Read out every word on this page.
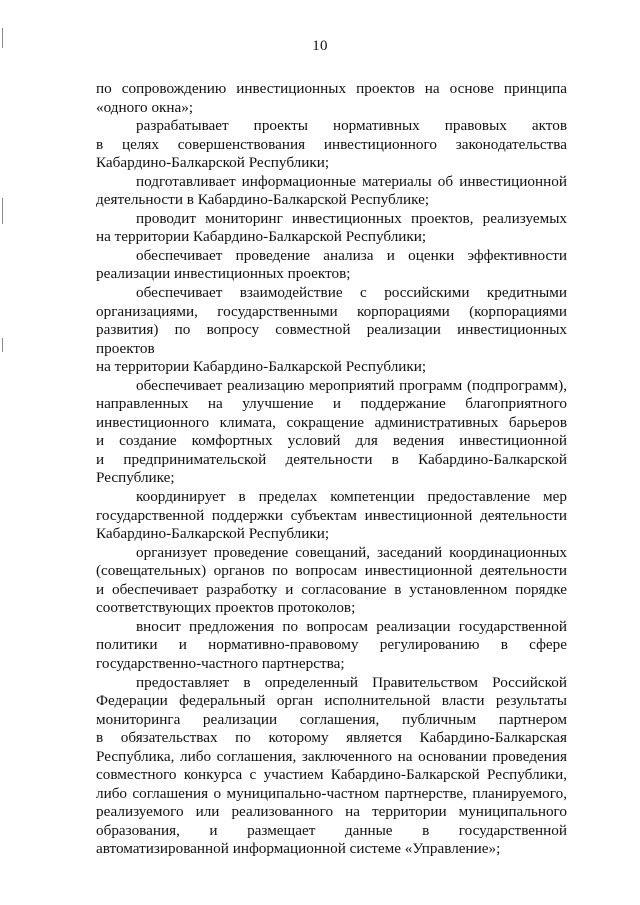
10
по сопровождению инвестиционных проектов на основе принципа
«одного окна»;
разрабатывает проекты нормативных правовых актов
в целях совершенствования инвестиционного законодательства
Кабардино-Балкарской Республики;
подготавливает информационные материалы об инвестиционной
деятельности в Кабардино-Балкарской Республике;
проводит мониторинг инвестиционных проектов, реализуемых
на территории Кабардино-Балкарской Республики;
обеспечивает проведение анализа и оценки эффективности
реализации инвестиционных проектов;
обеспечивает взаимодействие с российскими кредитными
организациями, государственными корпорациями (корпорациями
развития) по вопросу совместной реализации инвестиционных проектов
на территории Кабардино-Балкарской Республики;
обеспечивает реализацию мероприятий программ (подпрограмм),
направленных на улучшение и поддержание благоприятного
инвестиционного климата, сокращение административных барьеров
и создание комфортных условий для ведения инвестиционной
и предпринимательской деятельности в Кабардино-Балкарской
Республике;
координирует в пределах компетенции предоставление мер
государственной поддержки субъектам инвестиционной деятельности
Кабардино-Балкарской Республики;
организует проведение совещаний, заседаний координационных
(совещательных) органов по вопросам инвестиционной деятельности
и обеспечивает разработку и согласование в установленном порядке
соответствующих проектов протоколов;
вносит предложения по вопросам реализации государственной
политики и нормативно-правовому регулированию в сфере
государственно-частного партнерства;
предоставляет в определенный Правительством Российской
Федерации федеральный орган исполнительной власти результаты
мониторинга реализации соглашения, публичным партнером
в обязательствах по которому является Кабардино-Балкарская
Республика, либо соглашения, заключенного на основании проведения
совместного конкурса с участием Кабардино-Балкарской Республики,
либо соглашения о муниципально-частном партнерстве, планируемого,
реализуемого или реализованного на территории муниципального
образования, и размещает данные в государственной
автоматизированной информационной системе «Управление»;
